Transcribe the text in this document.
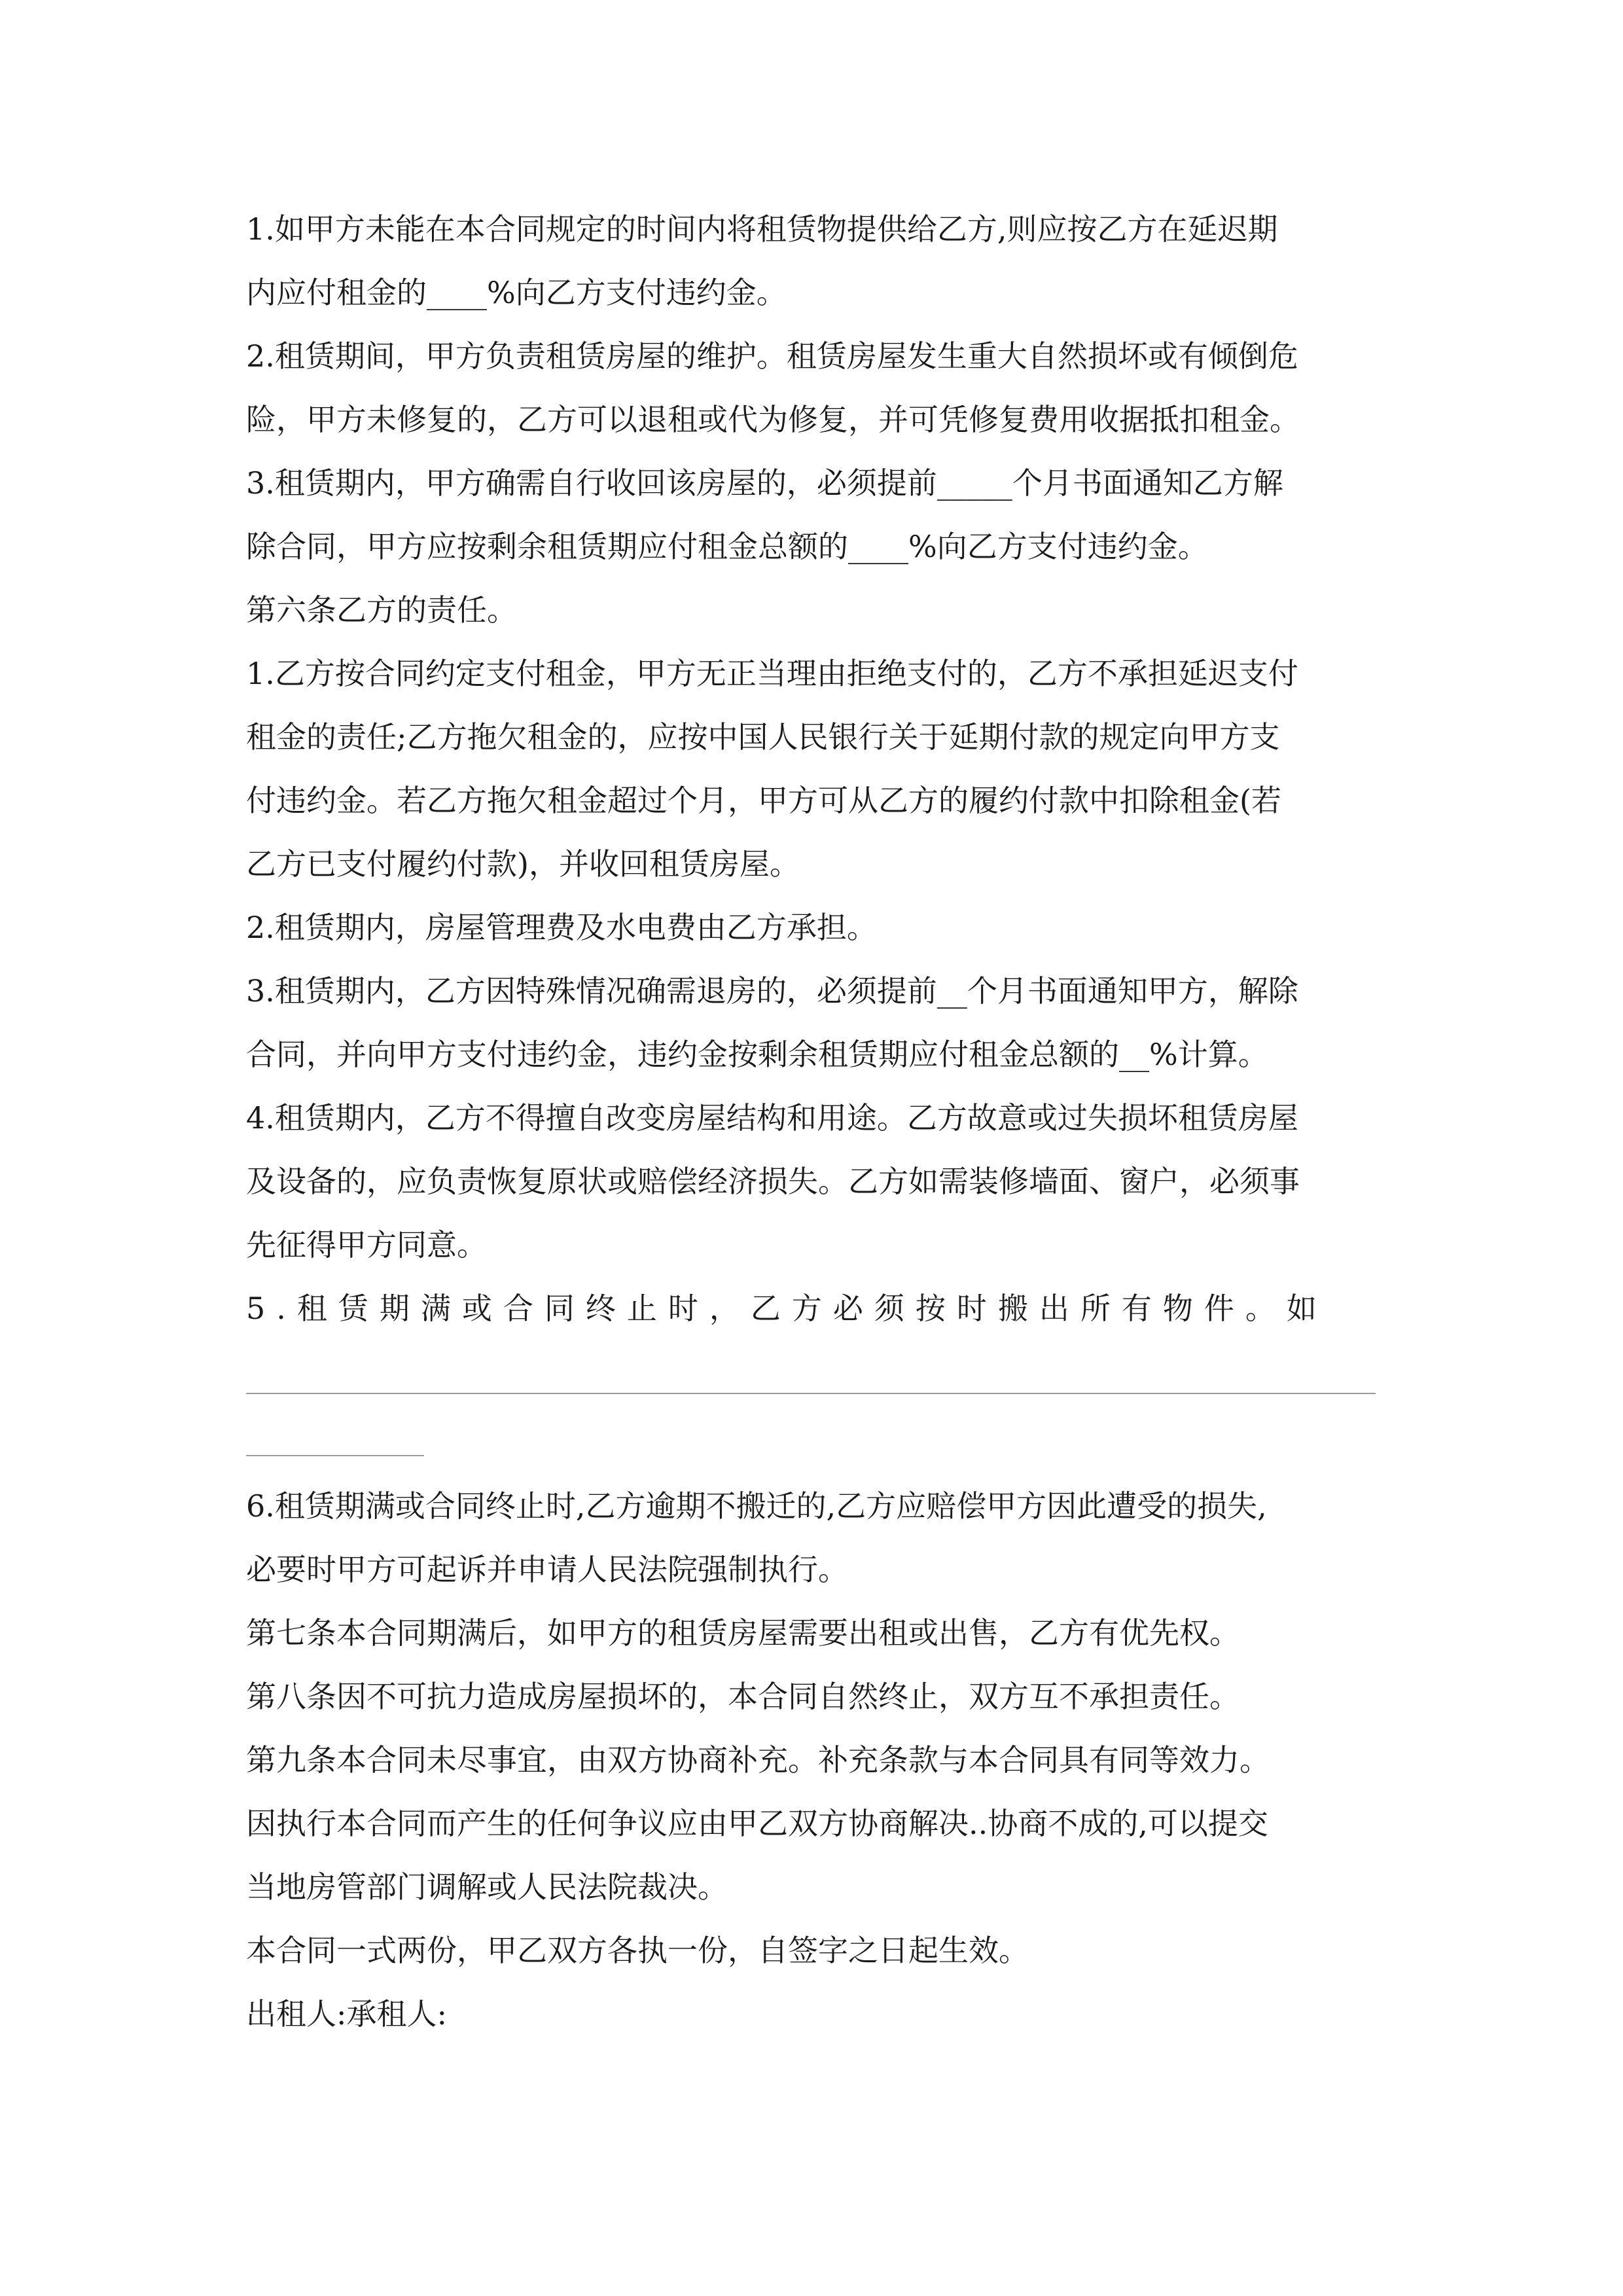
1.如甲方未能在本合同规定的时间内将租赁物提供给乙方,则应按乙方在延迟期
内应付租金的____%向乙方支付违约金。
2.租赁期间，甲方负责租赁房屋的维护。租赁房屋发生重大自然损坏或有倾倒危
险，甲方未修复的，乙方可以退租或代为修复，并可凭修复费用收据抵扣租金。
3.租赁期内，甲方确需自行收回该房屋的，必须提前_____个月书面通知乙方解
除合同，甲方应按剩余租赁期应付租金总额的____%向乙方支付违约金。
第六条乙方的责任。
1.乙方按合同约定支付租金，甲方无正当理由拒绝支付的，乙方不承担延迟支付
租金的责任;乙方拖欠租金的，应按中国人民银行关于延期付款的规定向甲方支
付违约金。若乙方拖欠租金超过个月，甲方可从乙方的履约付款中扣除租金(若
乙方已支付履约付款)，并收回租赁房屋。
2.租赁期内，房屋管理费及水电费由乙方承担。
3.租赁期内，乙方因特殊情况确需退房的，必须提前__个月书面通知甲方，解除
合同，并向甲方支付违约金，违约金按剩余租赁期应付租金总额的__%计算。
4.租赁期内，乙方不得擅自改变房屋结构和用途。乙方故意或过失损坏租赁房屋
及设备的，应负责恢复原状或赔偿经济损失。乙方如需装修墙面、窗户，必须事
先征得甲方同意。
5.租赁期满或合同终止时，乙方必须按时搬出所有物件。如
6.租赁期满或合同终止时,乙方逾期不搬迁的,乙方应赔偿甲方因此遭受的损失,
必要时甲方可起诉并申请人民法院强制执行。
第七条本合同期满后，如甲方的租赁房屋需要出租或出售，乙方有优先权。
第八条因不可抗力造成房屋损坏的，本合同自然终止，双方互不承担责任。
第九条本合同未尽事宜，由双方协商补充。补充条款与本合同具有同等效力。
因执行本合同而产生的任何争议应由甲乙双方协商解决..协商不成的,可以提交
当地房管部门调解或人民法院裁决。
本合同一式两份，甲乙双方各执一份，自签字之日起生效。
出租人:承租人:
